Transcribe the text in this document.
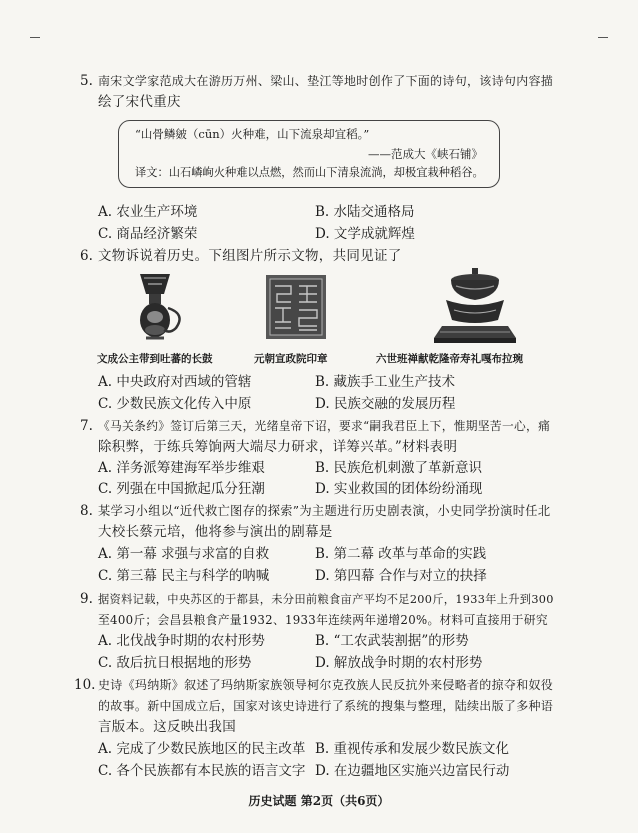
5. 南宋文学家范成大在游历万州、梁山、垫江等地时创作了下面的诗句，该诗句内容描
绘了宋代重庆
“山骨鳞皴（cūn）火种难，山下流泉却宜稻。”
——范成大《峡石铺》
译文：山石嶙峋火种难以点燃，然而山下清泉流淌，却极宜栽种稻谷。
A. 农业生产环境	B. 水陆交通格局
C. 商品经济繁荣	D. 文学成就辉煌
6. 文物诉说着历史。下组图片所示文物，共同见证了
文成公主带到吐蕃的长鼓	元朝宣政院印章	六世班禅献乾隆帝寿礼嘎布拉琬
A. 中央政府对西域的管辖	B. 藏族手工业生产技术
C. 少数民族文化传入中原	D. 民族交融的发展历程
7. 《马关条约》签订后第三天，光绪皇帝下诏，要求“嗣我君臣上下，惟期坚苦一心，痛
除积弊，于练兵筹饷两大端尽力研求，详筹兴革。”材料表明
A. 洋务派筹建海军举步维艰	B. 民族危机刺激了革新意识
C. 列强在中国掀起瓜分狂潮	D. 实业救国的团体纷纷涌现
8. 某学习小组以“近代救亡图存的探索”为主题进行历史剧表演，小史同学扮演时任北
大校长蔡元培，他将参与演出的剧幕是
A. 第一幕 求强与求富的自救	B. 第二幕 改革与革命的实践
C. 第三幕 民主与科学的呐喊	D. 第四幕 合作与对立的抉择
9. 据资料记载，中央苏区的于都县，未分田前粮食亩产平均不足200斤，1933年上升到300
至400斤；会昌县粮食产量1932、1933年连续两年递增20%。材料可直接用于研究
A. 北伐战争时期的农村形势	B. “工农武装割据”的形势
C. 敌后抗日根据地的形势	D. 解放战争时期的农村形势
10. 史诗《玛纳斯》叙述了玛纳斯家族领导柯尔克孜族人民反抗外来侵略者的掠夺和奴役
的故事。新中国成立后，国家对该史诗进行了系统的搜集与整理，陆续出版了多种语
言版本。这反映出我国
A. 完成了少数民族地区的民主改革 B. 重视传承和发展少数民族文化
C. 各个民族都有本民族的语言文字 D. 在边疆地区实施兴边富民行动
历史试题 第2页（共6页）
